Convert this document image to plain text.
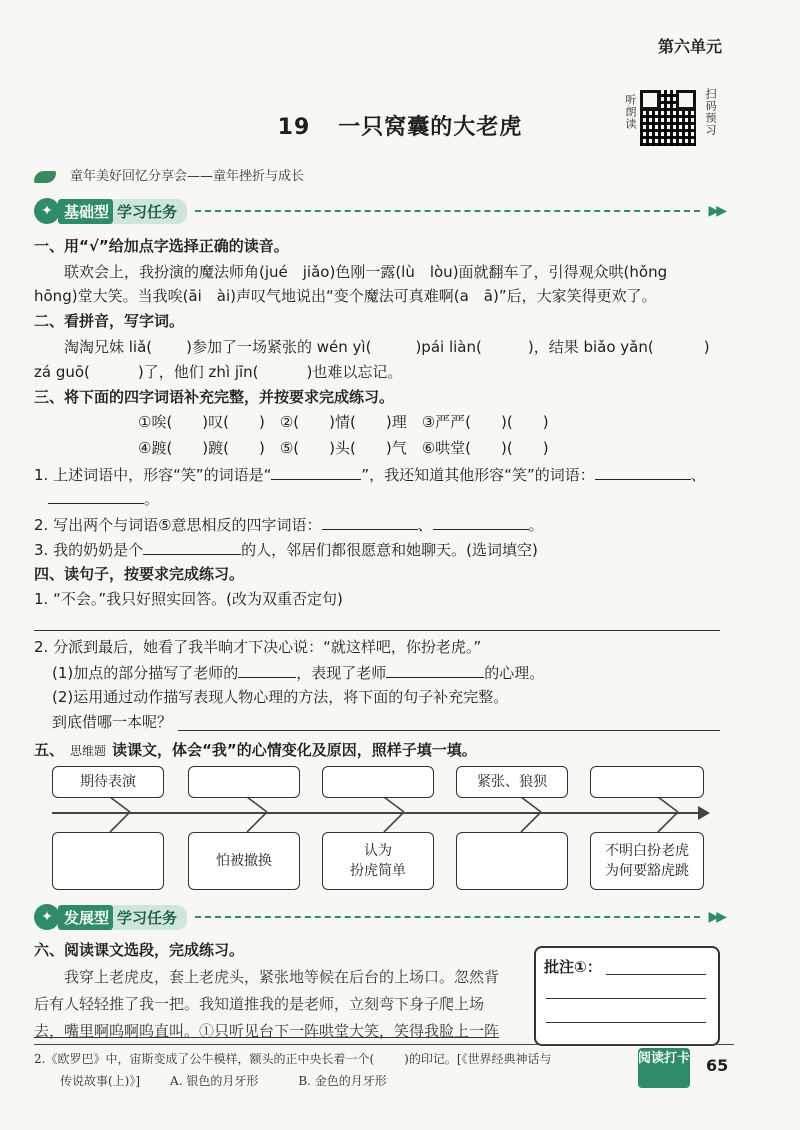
第六单元
19 一只窝囊的大老虎	听朗读	扫码预习
童年美好回忆分享会——童年挫折与成长
✦ 基础型 学习任务	▶▶
一、用“√”给加点字选择正确的读音。
联欢会上，我扮演的魔法师角(jué　jiǎo)色刚一露(lù　lòu)面就翻车了，引得观众哄(hǒng
hōng)堂大笑。当我唉(āi　ài)声叹气地说出“变个魔法可真难啊(a　ā)”后，大家笑得更欢了。
二、看拼音，写字词。
淘淘兄妹 liǎ( )参加了一场紧张的 wén yì(	)pái liàn(	)，结果 biǎo yǎn(	)
zá guō(	)了，他们 zhì jīn(	)也难以忘记。
三、将下面的四字词语补充完整，并按要求完成练习。
①唉(　　)叹(　　)　②(　　)情(　　)理　③严严(　　)(　　)
④踱(　　)踱(　　)　⑤(　　)头(　　)气　⑥哄堂(　　)(　　)
1. 上述词语中，形容“笑”的词语是“	”，我还知道其他形容“笑”的词语：	、
。
2. 写出两个与词语⑤意思相反的四字词语：	、	。
3. 我的奶奶是个	的人，邻居们都很愿意和她聊天。(选词填空)
四、读句子，按要求完成练习。
1. “不会。”我只好照实回答。(改为双重否定句)
2. 分派到最后，她看了我半晌才下决心说：“就这样吧，你扮老虎。”
(1)加点的部分描写了老师的	，表现了老师	的心理。
(2)运用通过动作描写表现人物心理的方法，将下面的句子补充完整。
到底借哪一本呢？
五、 思维题 读课文，体会“我”的心情变化及原因，照样子填一填。
期待表演	紧张、狼狈
怕被撤换
认为
扮虎简单
不明白扮老虎
为何要豁虎跳
✦ 发展型 学习任务	▶▶
六、阅读课文选段，完成练习。
我穿上老虎皮，套上老虎头，紧张地等候在后台的上场口。忽然背
后有人轻轻推了我一把。我知道推我的是老师，立刻弯下身子爬上场
去，嘴里啊呜啊呜直叫。①只听见台下一阵哄堂大笑，笑得我脸上一阵
批注①：
2.《欧罗巴》中，宙斯变成了公牛模样，额头的正中央长着一个(	)的印记。[《世界经典神话与
传说故事(上)》]	A. 银色的月牙形	B. 金色的月牙形
阅读打卡 65
